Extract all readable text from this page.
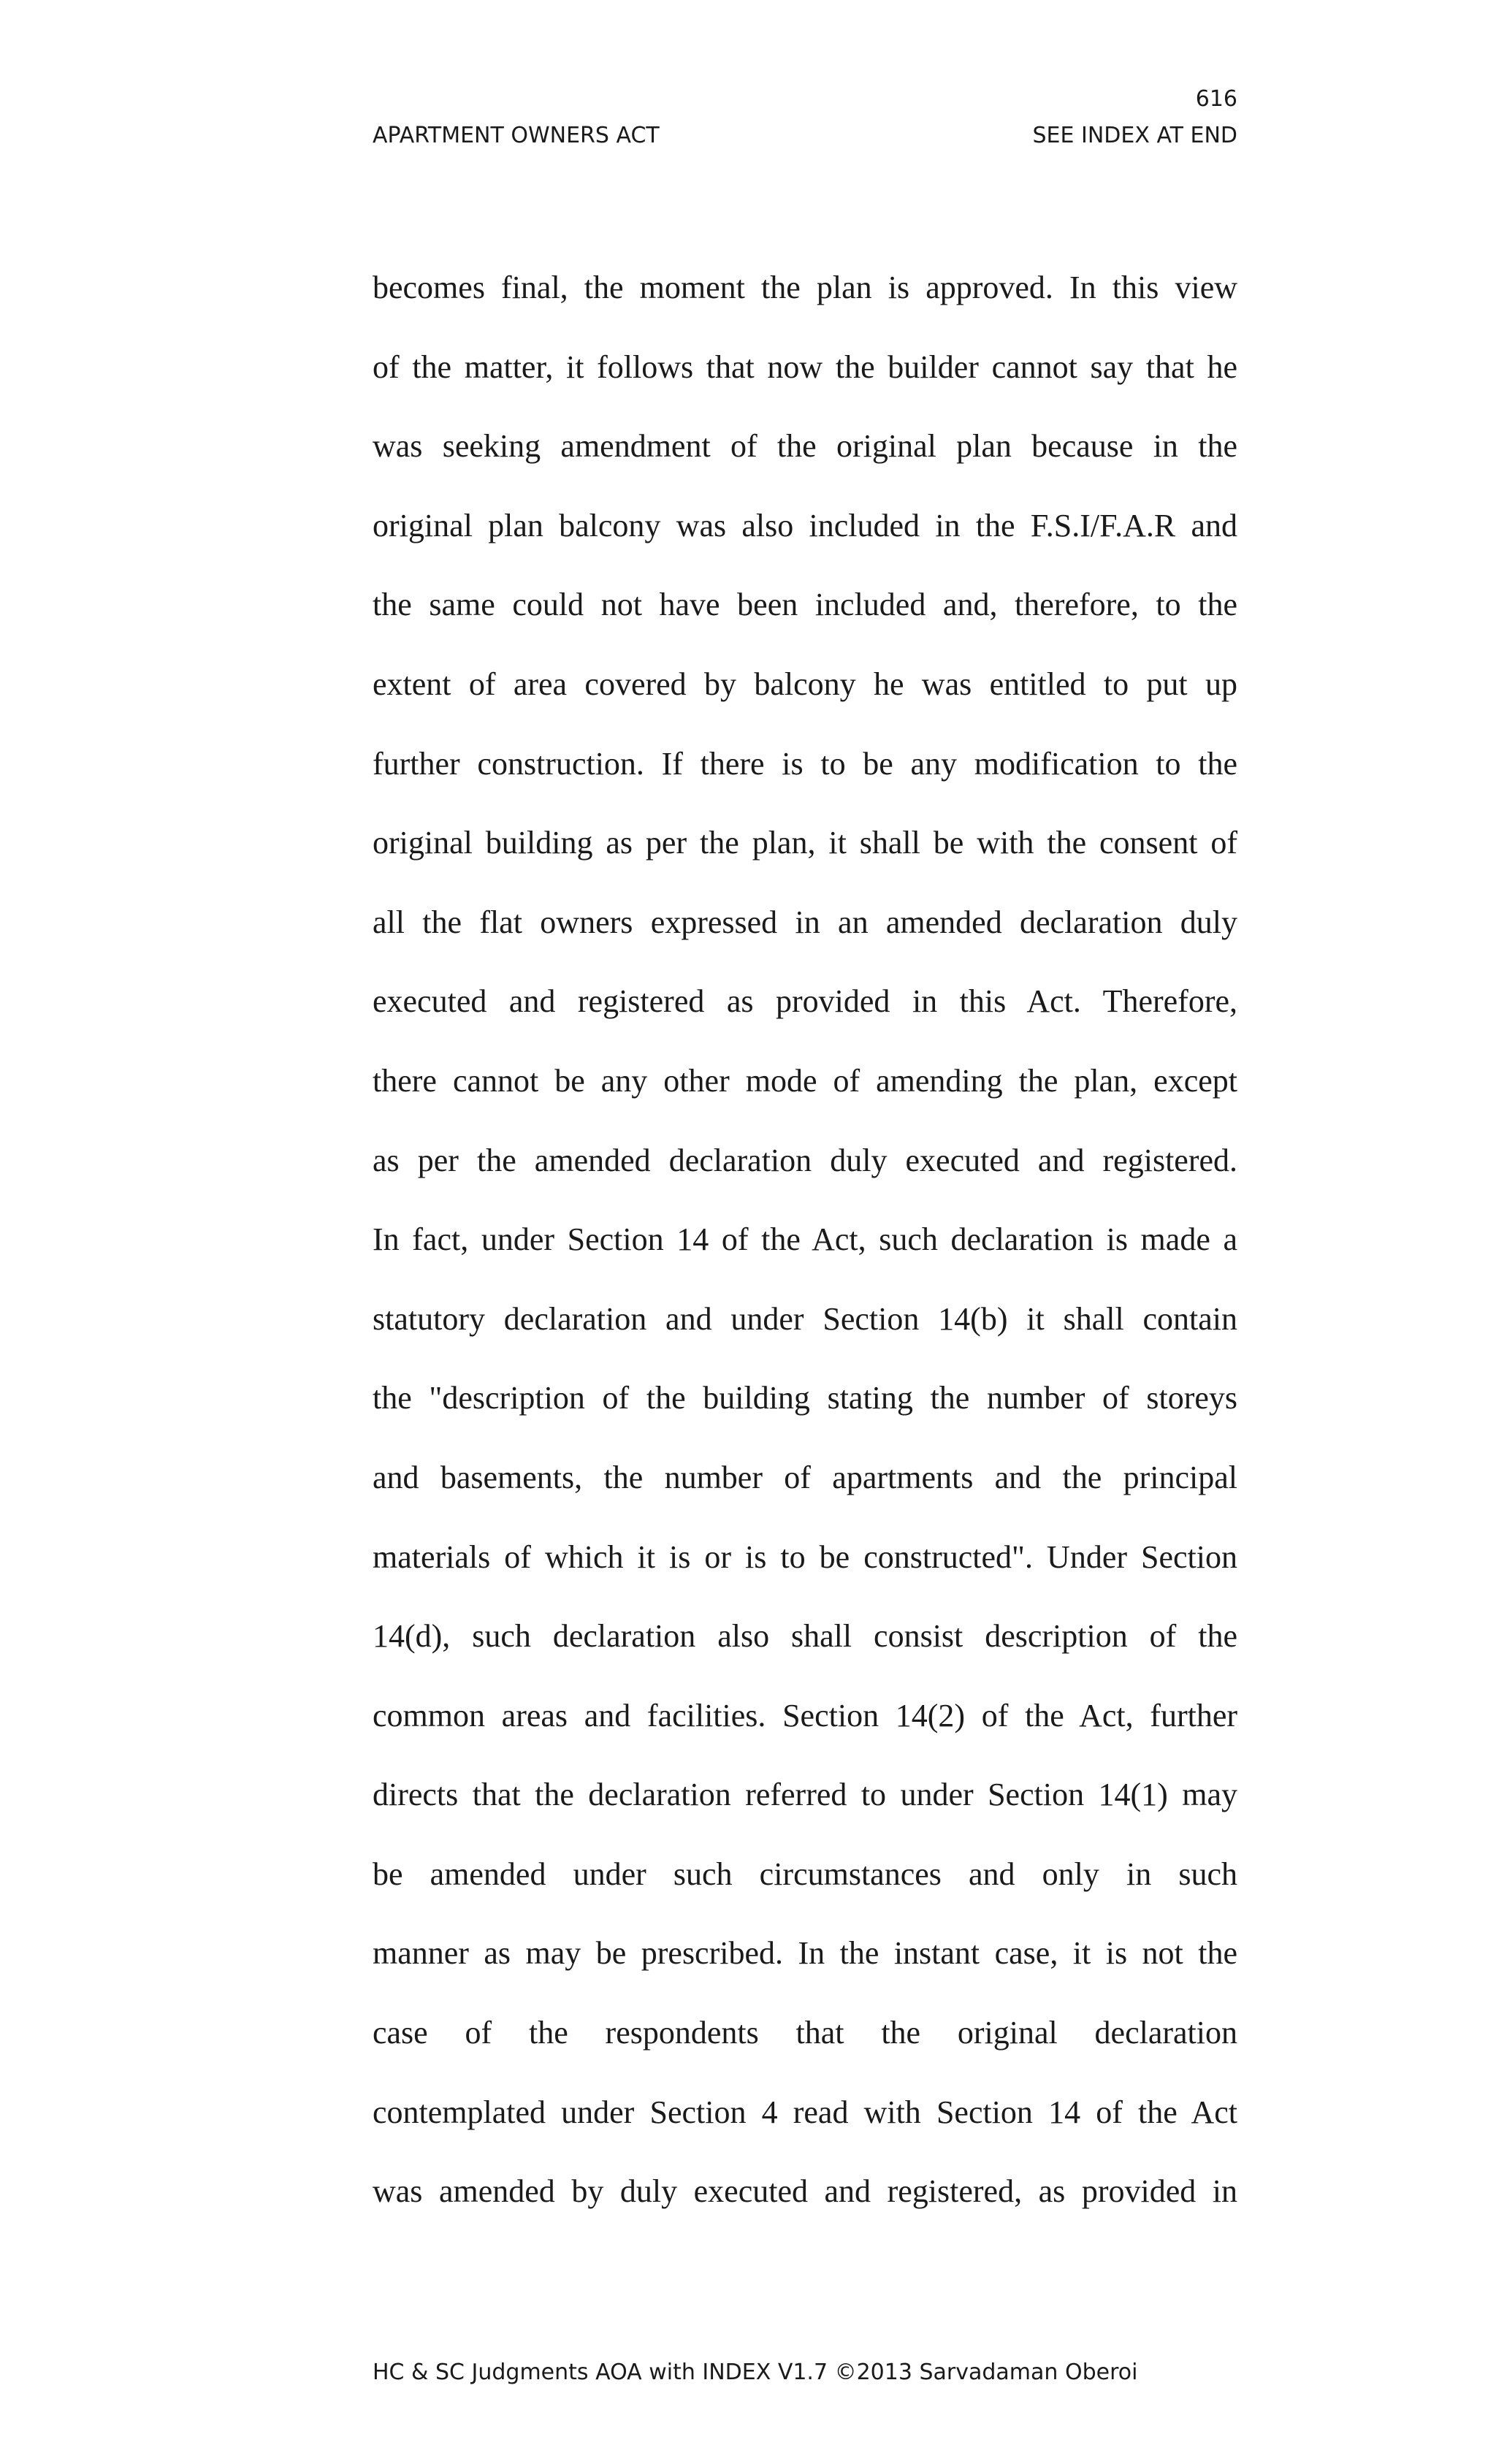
616
APARTMENT OWNERS ACT	SEE INDEX AT END
becomes final, the moment the plan is approved. In this view
of the matter, it follows that now the builder cannot say that he
was seeking amendment of the original plan because in the
original plan balcony was also included in the F.S.I/F.A.R and
the same could not have been included and, therefore, to the
extent of area covered by balcony he was entitled to put up
further construction. If there is to be any modification to the
original building as per the plan, it shall be with the consent of
all the flat owners expressed in an amended declaration duly
executed and registered as provided in this Act. Therefore,
there cannot be any other mode of amending the plan, except
as per the amended declaration duly executed and registered.
In fact, under Section 14 of the Act, such declaration is made a
statutory declaration and under Section 14(b) it shall contain
the "description of the building stating the number of storeys
and basements, the number of apartments and the principal
materials of which it is or is to be constructed". Under Section
14(d), such declaration also shall consist description of the
common areas and facilities. Section 14(2) of the Act, further
directs that the declaration referred to under Section 14(1) may
be amended under such circumstances and only in such
manner as may be prescribed. In the instant case, it is not the
case of the respondents that the original declaration
contemplated under Section 4 read with Section 14 of the Act
was amended by duly executed and registered, as provided in
HC & SC Judgments AOA with INDEX V1.7 ©2013 Sarvadaman Oberoi
